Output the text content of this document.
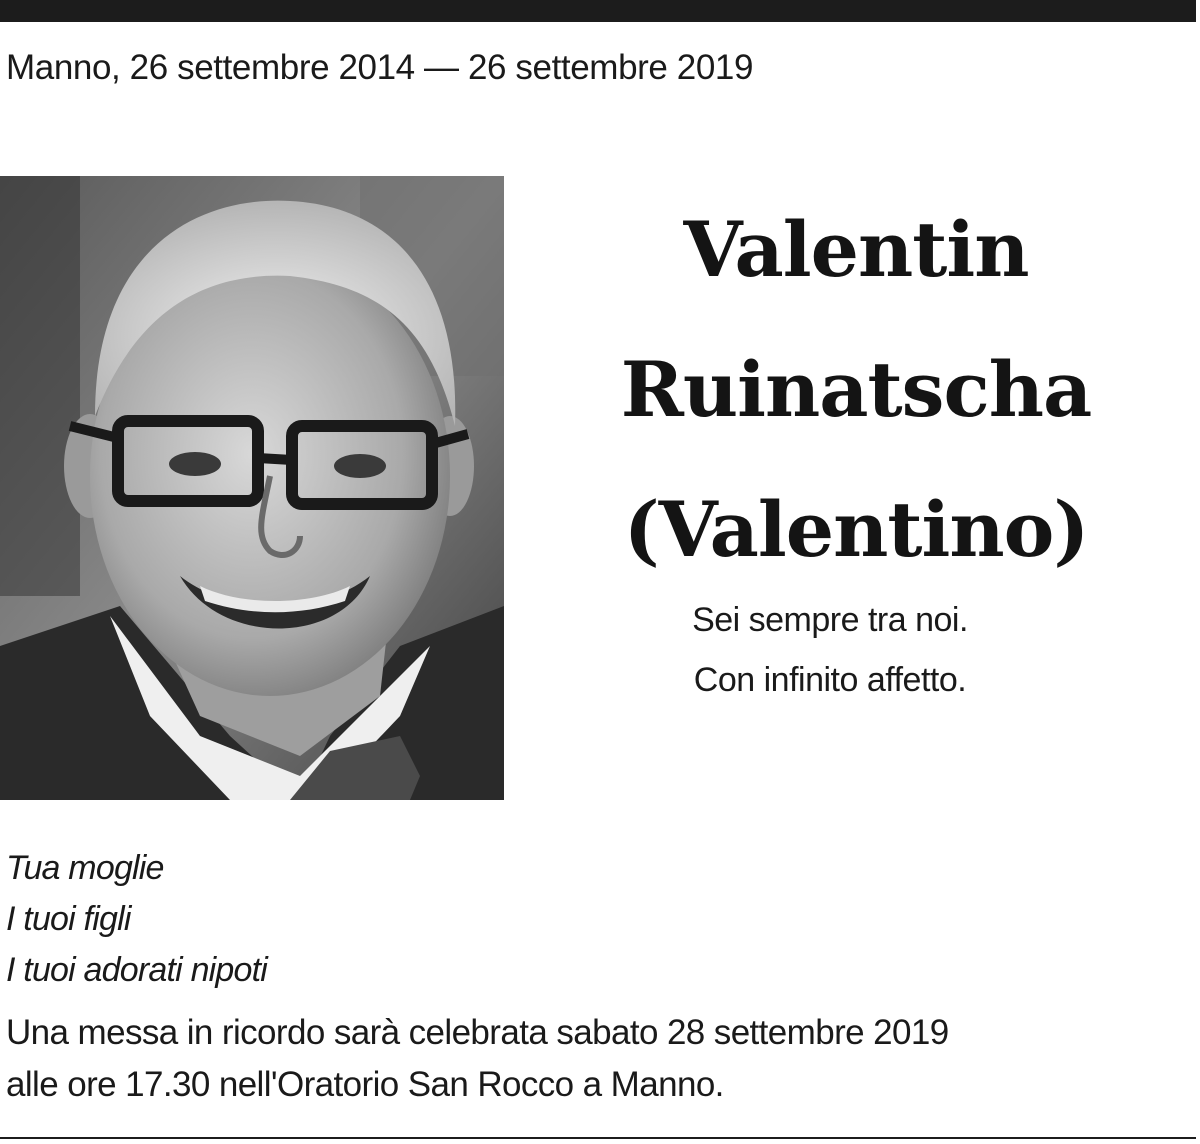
Manno, 26 settembre 2014 — 26 settembre 2019
Valentin
Ruinatscha
(Valentino)
Sei sempre tra noi.
Con infinito affetto.
Tua moglie
I tuoi figli
I tuoi adorati nipoti
Una messa in ricordo sarà celebrata sabato 28 settembre 2019
alle ore 17.30 nell'Oratorio San Rocco a Manno.
